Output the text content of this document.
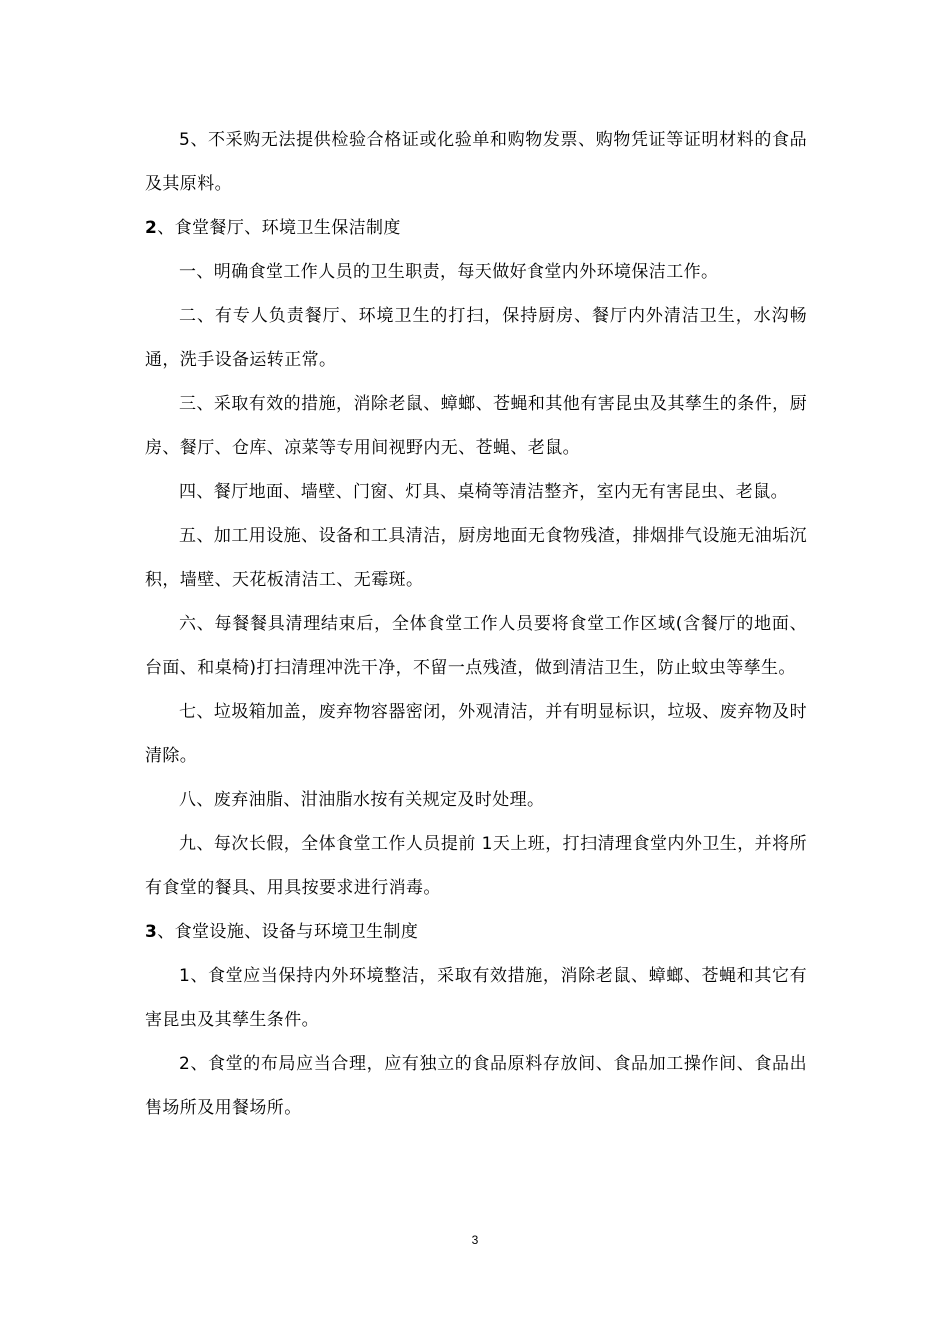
5、不采购无法提供检验合格证或化验单和购物发票、购物凭证等证明材料的食品及其原料。

2、食堂餐厅、环境卫生保洁制度

一、明确食堂工作人员的卫生职责，每天做好食堂内外环境保洁工作。

二、有专人负责餐厅、环境卫生的打扫，保持厨房、餐厅内外清洁卫生，水沟畅通，洗手设备运转正常。

三、采取有效的措施，消除老鼠、蟑螂、苍蝇和其他有害昆虫及其孳生的条件，厨房、餐厅、仓库、凉菜等专用间视野内无、苍蝇、老鼠。

四、餐厅地面、墙壁、门窗、灯具、桌椅等清洁整齐，室内无有害昆虫、老鼠。

五、加工用设施、设备和工具清洁，厨房地面无食物残渣，排烟排气设施无油垢沉积，墙壁、天花板清洁工、无霉斑。

六、每餐餐具清理结束后，全体食堂工作人员要将食堂工作区域(含餐厅的地面、台面、和桌椅)打扫清理冲洗干净，不留一点残渣，做到清洁卫生，防止蚊虫等孳生。

七、垃圾箱加盖，废弃物容器密闭，外观清洁，并有明显标识，垃圾、废弃物及时清除。

八、废弃油脂、泔油脂水按有关规定及时处理。

九、每次长假，全体食堂工作人员提前 1天上班，打扫清理食堂内外卫生，并将所有食堂的餐具、用具按要求进行消毒。

3、食堂设施、设备与环境卫生制度

1、食堂应当保持内外环境整洁，采取有效措施，消除老鼠、蟑螂、苍蝇和其它有害昆虫及其孳生条件。

2、食堂的布局应当合理，应有独立的食品原料存放间、食品加工操作间、食品出售场所及用餐场所。

3
